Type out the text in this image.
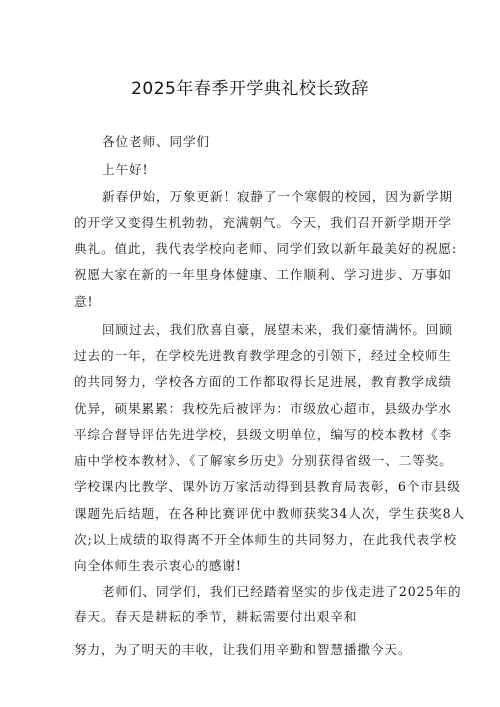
2025年春季开学典礼校长致辞
各位老师、同学们
上午好!
新春伊始，万象更新！寂静了一个寒假的校园，因为新学期
的开学又变得生机勃勃，充满朝气。今天，我们召开新学期开学
典礼。值此，我代表学校向老师、同学们致以新年最美好的祝愿:
祝愿大家在新的一年里身体健康、工作顺利、学习进步、万事如
意!
回顾过去，我们欣喜自豪，展望未来，我们豪情满怀。回顾
过去的一年，在学校先进教育教学理念的引领下，经过全校师生
的共同努力，学校各方面的工作都取得长足进展，教育教学成绩
优异，硕果累累：我校先后被评为：市级放心超市，县级办学水
平综合督导评估先进学校，县级文明单位，编写的校本教材《李
庙中学校本教材》、《了解家乡历史》分别获得省级一、二等奖。
学校课内比教学、课外访万家活动得到县教育局表彰，6个市县级
课题先后结题，在各种比赛评优中教师获奖34人次，学生获奖8人
次;以上成绩的取得离不开全体师生的共同努力，在此我代表学校
向全体师生表示衷心的感谢!
老师们、同学们，我们已经踏着坚实的步伐走进了2025年的
春天。春天是耕耘的季节，耕耘需要付出艰辛和
努力，为了明天的丰收，让我们用辛勤和智慧播撒今天。
